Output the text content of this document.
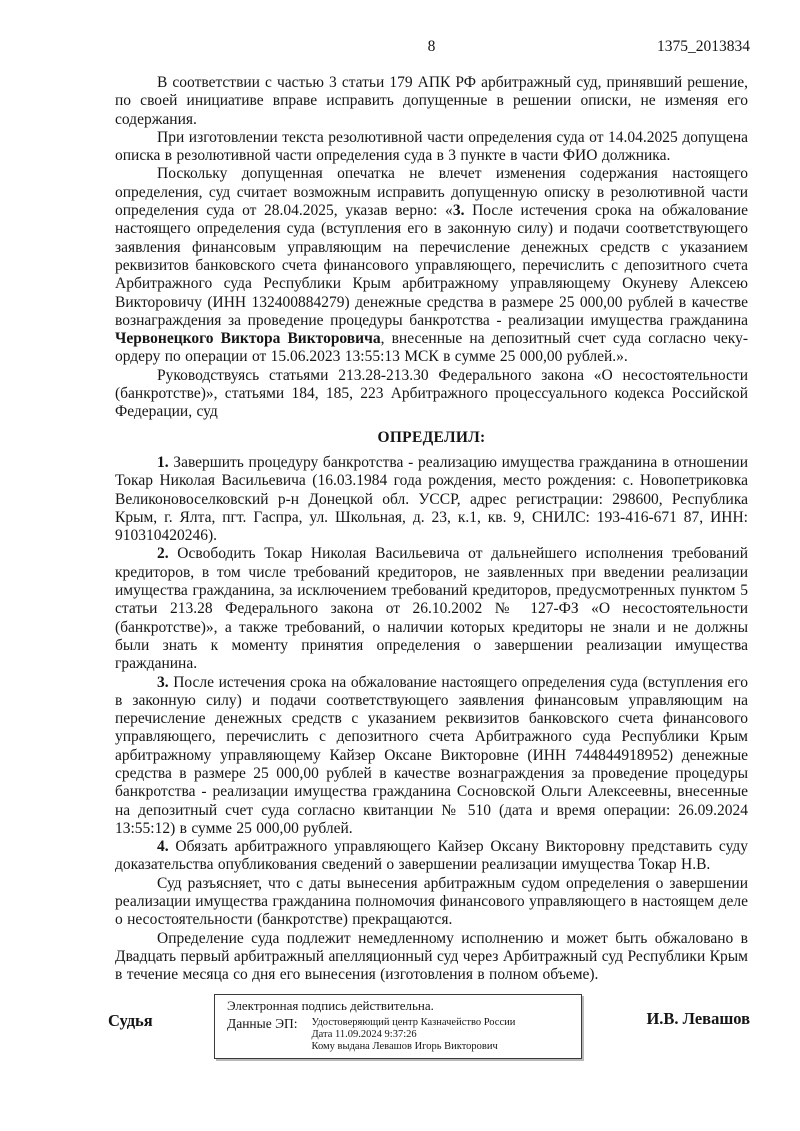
8	1375_2013834

В соответствии с частью 3 статьи 179 АПК РФ арбитражный суд, принявший решение, по своей инициативе вправе исправить допущенные в решении описки, не изменяя его содержания.

При изготовлении текста резолютивной части определения суда от 14.04.2025 допущена описка в резолютивной части определения суда в 3 пункте в части ФИО должника.

Поскольку допущенная опечатка не влечет изменения содержания настоящего определения, суд считает возможным исправить допущенную описку в резолютивной части определения суда от 28.04.2025, указав верно: «3. После истечения срока на обжалование настоящего определения суда (вступления его в законную силу) и подачи соответствующего заявления финансовым управляющим на перечисление денежных средств с указанием реквизитов банковского счета финансового управляющего, перечислить с депозитного счета Арбитражного суда Республики Крым арбитражному управляющему Окуневу Алексею Викторовичу (ИНН 132400884279) денежные средства в размере 25 000,00 рублей в качестве вознаграждения за проведение процедуры банкротства - реализации имущества гражданина Червонецкого Виктора Викторовича, внесенные на депозитный счет суда согласно чеку-ордеру по операции от 15.06.2023 13:55:13 МСК в сумме 25 000,00 рублей.».

Руководствуясь статьями 213.28-213.30 Федерального закона «О несостоятельности (банкротстве)», статьями 184, 185, 223 Арбитражного процессуального кодекса Российской Федерации, суд

ОПРЕДЕЛИЛ:

1. Завершить процедуру банкротства - реализацию имущества гражданина в отношении Токар Николая Васильевича (16.03.1984 года рождения, место рождения: с. Новопетриковка Великоновоселковский р-н Донецкой обл. УССР, адрес регистрации: 298600, Республика Крым, г. Ялта, пгт. Гаспра, ул. Школьная, д. 23, к.1, кв. 9, СНИЛС: 193-416-671 87, ИНН: 910310420246).

2. Освободить Токар Николая Васильевича от дальнейшего исполнения требований кредиторов, в том числе требований кредиторов, не заявленных при введении реализации имущества гражданина, за исключением требований кредиторов, предусмотренных пунктом 5 статьи 213.28 Федерального закона от 26.10.2002 № 127-ФЗ «О несостоятельности (банкротстве)», а также требований, о наличии которых кредиторы не знали и не должны были знать к моменту принятия определения о завершении реализации имущества гражданина.

3. После истечения срока на обжалование настоящего определения суда (вступления его в законную силу) и подачи соответствующего заявления финансовым управляющим на перечисление денежных средств с указанием реквизитов банковского счета финансового управляющего, перечислить с депозитного счета Арбитражного суда Республики Крым арбитражному управляющему Кайзер Оксане Викторовне (ИНН 744844918952) денежные средства в размере 25 000,00 рублей в качестве вознаграждения за проведение процедуры банкротства - реализации имущества гражданина Сосновской Ольги Алексеевны, внесенные на депозитный счет суда согласно квитанции № 510 (дата и время операции: 26.09.2024 13:55:12) в сумме 25 000,00 рублей.

4. Обязать арбитражного управляющего Кайзер Оксану Викторовну представить суду доказательства опубликования сведений о завершении реализации имущества Токар Н.В.

Суд разъясняет, что с даты вынесения арбитражным судом определения о завершении реализации имущества гражданина полномочия финансового управляющего в настоящем деле о несостоятельности (банкротстве) прекращаются.

Определение суда подлежит немедленному исполнению и может быть обжаловано в Двадцать первый арбитражный апелляционный суд через Арбитражный суд Республики Крым в течение месяца со дня его вынесения (изготовления в полном объеме).

Судья
Электронная подпись действительна.
Данные ЭП: Удостоверяющий центр Казначейство России
Дата 11.09.2024 9:37:26
Кому выдана Левашов Игорь Викторович
И.В. Левашов
